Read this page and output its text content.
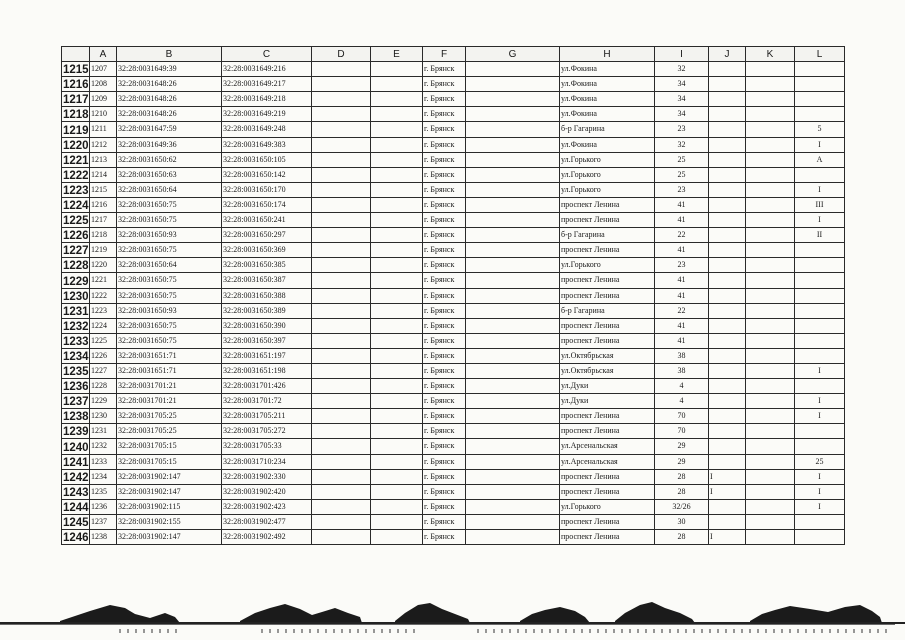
	A	B	C	D	E	F	G	H	I	J	K	L
1215	1207	32:28:0031649:39	32:28:0031649:216			г. Брянск		ул.Фокина	32			
1216	1208	32:28:0031648:26	32:28:0031649:217			г. Брянск		ул.Фокина	34			
1217	1209	32:28:0031648:26	32:28:0031649:218			г. Брянск		ул.Фокина	34			
1218	1210	32:28:0031648:26	32:28:0031649:219			г. Брянск		ул.Фокина	34			
1219	1211	32:28:0031647:59	32:28:0031649:248			г. Брянск		б-р Гагарина	23			5
1220	1212	32:28:0031649:36	32:28:0031649:383			г. Брянск		ул.Фокина	32			I
1221	1213	32:28:0031650:62	32:28:0031650:105			г. Брянск		ул.Горького	25			А
1222	1214	32:28:0031650:63	32:28:0031650:142			г. Брянск		ул.Горького	25			
1223	1215	32:28:0031650:64	32:28:0031650:170			г. Брянск		ул.Горького	23			I
1224	1216	32:28:0031650:75	32:28:0031650:174			г. Брянск		проспект Ленина	41			III
1225	1217	32:28:0031650:75	32:28:0031650:241			г. Брянск		проспект Ленина	41			I
1226	1218	32:28:0031650:93	32:28:0031650:297			г. Брянск		б-р Гагарина	22			II
1227	1219	32:28:0031650:75	32:28:0031650:369			г. Брянск		проспект Ленина	41			
1228	1220	32:28:0031650:64	32:28:0031650:385			г. Брянск		ул.Горького	23			
1229	1221	32:28:0031650:75	32:28:0031650:387			г. Брянск		проспект Ленина	41			
1230	1222	32:28:0031650:75	32:28:0031650:388			г. Брянск		проспект Ленина	41			
1231	1223	32:28:0031650:93	32:28:0031650:389			г. Брянск		б-р Гагарина	22			
1232	1224	32:28:0031650:75	32:28:0031650:390			г. Брянск		проспект Ленина	41			
1233	1225	32:28:0031650:75	32:28:0031650:397			г. Брянск		проспект Ленина	41			
1234	1226	32:28:0031651:71	32:28:0031651:197			г. Брянск		ул.Октябрьская	38			
1235	1227	32:28:0031651:71	32:28:0031651:198			г. Брянск		ул.Октябрьская	38			I
1236	1228	32:28:0031701:21	32:28:0031701:426			г. Брянск		ул.Дуки	4			
1237	1229	32:28:0031701:21	32:28:0031701:72			г. Брянск		ул.Дуки	4			I
1238	1230	32:28:0031705:25	32:28:0031705:211			г. Брянск		проспект Ленина	70			I
1239	1231	32:28:0031705:25	32:28:0031705:272			г. Брянск		проспект Ленина	70			
1240	1232	32:28:0031705:15	32:28:0031705:33			г. Брянск		ул.Арсенальская	29			
1241	1233	32:28:0031705:15	32:28:0031710:234			г. Брянск		ул.Арсенальская	29			25
1242	1234	32:28:0031902:147	32:28:0031902:330			г. Брянск		проспект Ленина	28	I		I
1243	1235	32:28:0031902:147	32:28:0031902:420			г. Брянск		проспект Ленина	28	I		I
1244	1236	32:28:0031902:115	32:28:0031902:423			г. Брянск		ул.Горького	32/26			I
1245	1237	32:28:0031902:155	32:28:0031902:477			г. Брянск		проспект Ленина	30			
1246	1238	32:28:0031902:147	32:28:0031902:492			г. Брянск		проспект Ленина	28	I		
